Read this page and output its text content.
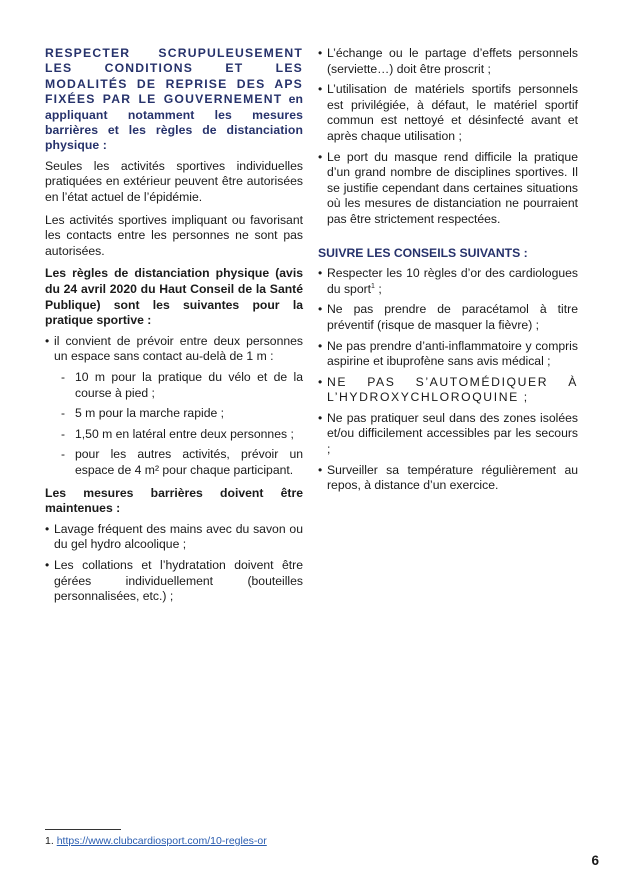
RESPECTER SCRUPULEUSEMENT LES CONDITIONS ET LES MODALITÉS DE REPRISE DES APS FIXÉES PAR LE GOUVERNEMENT en appliquant notamment les mesures barrières et les règles de distanciation physique :

Seules les activités sportives individuelles pratiquées en extérieur peuvent être autorisées en l’état actuel de l’épidémie.

Les activités sportives impliquant ou favorisant les contacts entre les personnes ne sont pas autorisées.

Les règles de distanciation physique (avis du 24 avril 2020 du Haut Conseil de la Santé Publique) sont les suivantes pour la pratique sportive :

• il convient de prévoir entre deux personnes un espace sans contact au-delà de 1 m :
- 10 m pour la pratique du vélo et de la course à pied ;
- 5 m pour la marche rapide ;
- 1,50 m en latéral entre deux personnes ;
- pour les autres activités, prévoir un espace de 4 m² pour chaque participant.

Les mesures barrières doivent être maintenues :

• Lavage fréquent des mains avec du savon ou du gel hydro alcoolique ;
• Les collations et l’hydratation doivent être gérées individuellement (bouteilles personnalisées, etc.) ;
• L’échange ou le partage d’effets personnels (serviette…) doit être proscrit ;
• L’utilisation de matériels sportifs personnels est privilégiée, à défaut, le matériel sportif commun est nettoyé et désinfecté avant et après chaque utilisation ;
• Le port du masque rend difficile la pratique d’un grand nombre de disciplines sportives. Il se justifie cependant dans certaines situations où les mesures de distanciation ne pourraient pas être strictement respectées.

SUIVRE LES CONSEILS SUIVANTS :

• Respecter les 10 règles d’or des cardiologues du sport$^1$ ;
• Ne pas prendre de paracétamol à titre préventif (risque de masquer la fièvre) ;
• Ne pas prendre d’anti-inflammatoire y compris aspirine et ibuprofène sans avis médical ;
• NE PAS S’AUTOMÉDIQUER À L’HYDROXYCHLOROQUINE ;
• Ne pas pratiquer seul dans des zones isolées et/ou difficilement accessibles par les secours ;
• Surveiller sa température régulièrement au repos, à distance d’un exercice.
1. https://www.clubcardiosport.com/10-regles-or
6
